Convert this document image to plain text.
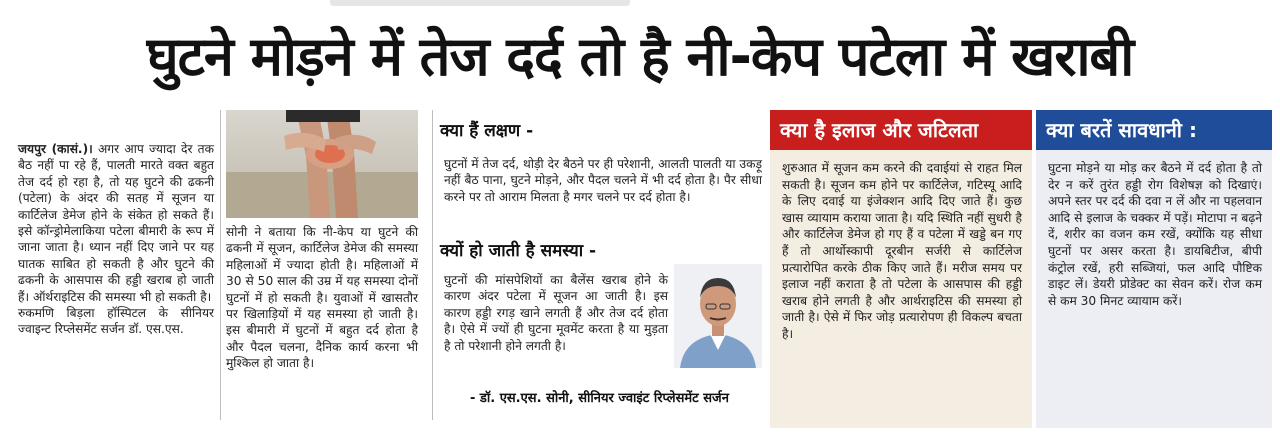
घुटने मोड़ने में तेज दर्द तो है नी-केप पटेला में खराबी

जयपुर (कासं.)। अगर आप ज्यादा देर तक बैठ नहीं पा रहे हैं, पालती मारते वक्त बहुत तेज दर्द हो रहा है, तो यह घुटने की ढकनी (पटेला) के अंदर की सतह में सूजन या कार्टिलेज डेमेज होने के संकेत हो सकते हैं। इसे कॉन्ड्रोमेलाकिया पटेला बीमारी के रूप में जाना जाता है। ध्यान नहीं दिए जाने पर यह घातक साबित हो सकती है और घुटने की ढकनी के आसपास की हड्डी खराब हो जाती हैं। ऑर्थराइटिस की समस्या भी हो सकती है।

रुकमणि बिड़ला हॉस्पिटल के सीनियर ज्वाइन्ट रिप्लेसमेंट सर्जन डॉ. एस.एस.

सोनी ने बताया कि नी-केप या घुटने की ढकनी में सूजन, कार्टिलेज डेमेज की समस्या महिलाओं में ज्यादा होती है। महिलाओं में 30 से 50 साल की उम्र में यह समस्या दोनों घुटनों में हो सकती है। युवाओं में खासतौर पर खिलाड़ियों में यह समस्या हो जाती है। इस बीमारी में घुटनों में बहुत दर्द होता है और पैदल चलना, दैनिक कार्य करना भी मुश्किल हो जाता है।
क्या हैं लक्षण -
घुटनों में तेज दर्द, थोड़ी देर बैठने पर ही परेशानी, आलती पालती या उकड़ू नहीं बैठ पाना, घुटने मोड़ने, और पैदल चलने में भी दर्द होता है। पैर सीधा करने पर तो आराम मिलता है मगर चलने पर दर्द होता है।
क्यों हो जाती है समस्या -
घुटनों की मांसपेशियों का बैलेंस खराब होने के कारण अंदर पटेला में सूजन आ जाती है। इस कारण हड्डी रगड़ खाने लगती हैं और तेज दर्द होता है। ऐसे में ज्यों ही घुटना मूवमेंट करता है या मुड़ता है तो परेशानी होने लगती है।
- डॉ. एस.एस. सोनी, सीनियर ज्वाइंट रिप्लेसमेंट सर्जन
क्या है इलाज और जटिलता
शुरुआत में सूजन कम करने की दवाईयां से राहत मिल सकती है। सूजन कम होने पर कार्टिलेज, गटिस्यू आदि के लिए दवाई या इंजेक्शन आदि दिए जाते हैं। कुछ खास व्यायाम कराया जाता है। यदि स्थिति नहीं सुधरी है और कार्टिलेज डेमेज हो गए हैं व पटेला में खड्डे बन गए हैं तो आर्थोस्कापी दूरबीन सर्जरी से कार्टिलेज प्रत्यारोपित करके ठीक किए जाते हैं। मरीज समय पर इलाज नहीं कराता है तो पटेला के आसपास की हड्डी खराब होने लगती है और आर्थराइटिस की समस्या हो जाती है। ऐसे में फिर जोड़ प्रत्यारोपण ही विकल्प बचता है।
क्या बरतें सावधानी :
घुटना मोड़ने या मोड़ कर बैठने में दर्द होता है तो देर न करें तुरंत हड्डी रोग विशेषज्ञ को दिखाएं। अपने स्तर पर दर्द की दवा न लें और ना पहलवान आदि से इलाज के चक्कर में पड़ें। मोटापा न बढ़ने दें, शरीर का वजन कम रखें, क्योंकि यह सीधा घुटनों पर असर करता है। डायबिटीज, बीपी कंट्रोल रखें, हरी सब्जियां, फल आदि पौष्टिक डाइट लें। डेयरी प्रोडेक्ट का सेवन करें। रोज कम से कम 30 मिनट व्यायाम करें।
